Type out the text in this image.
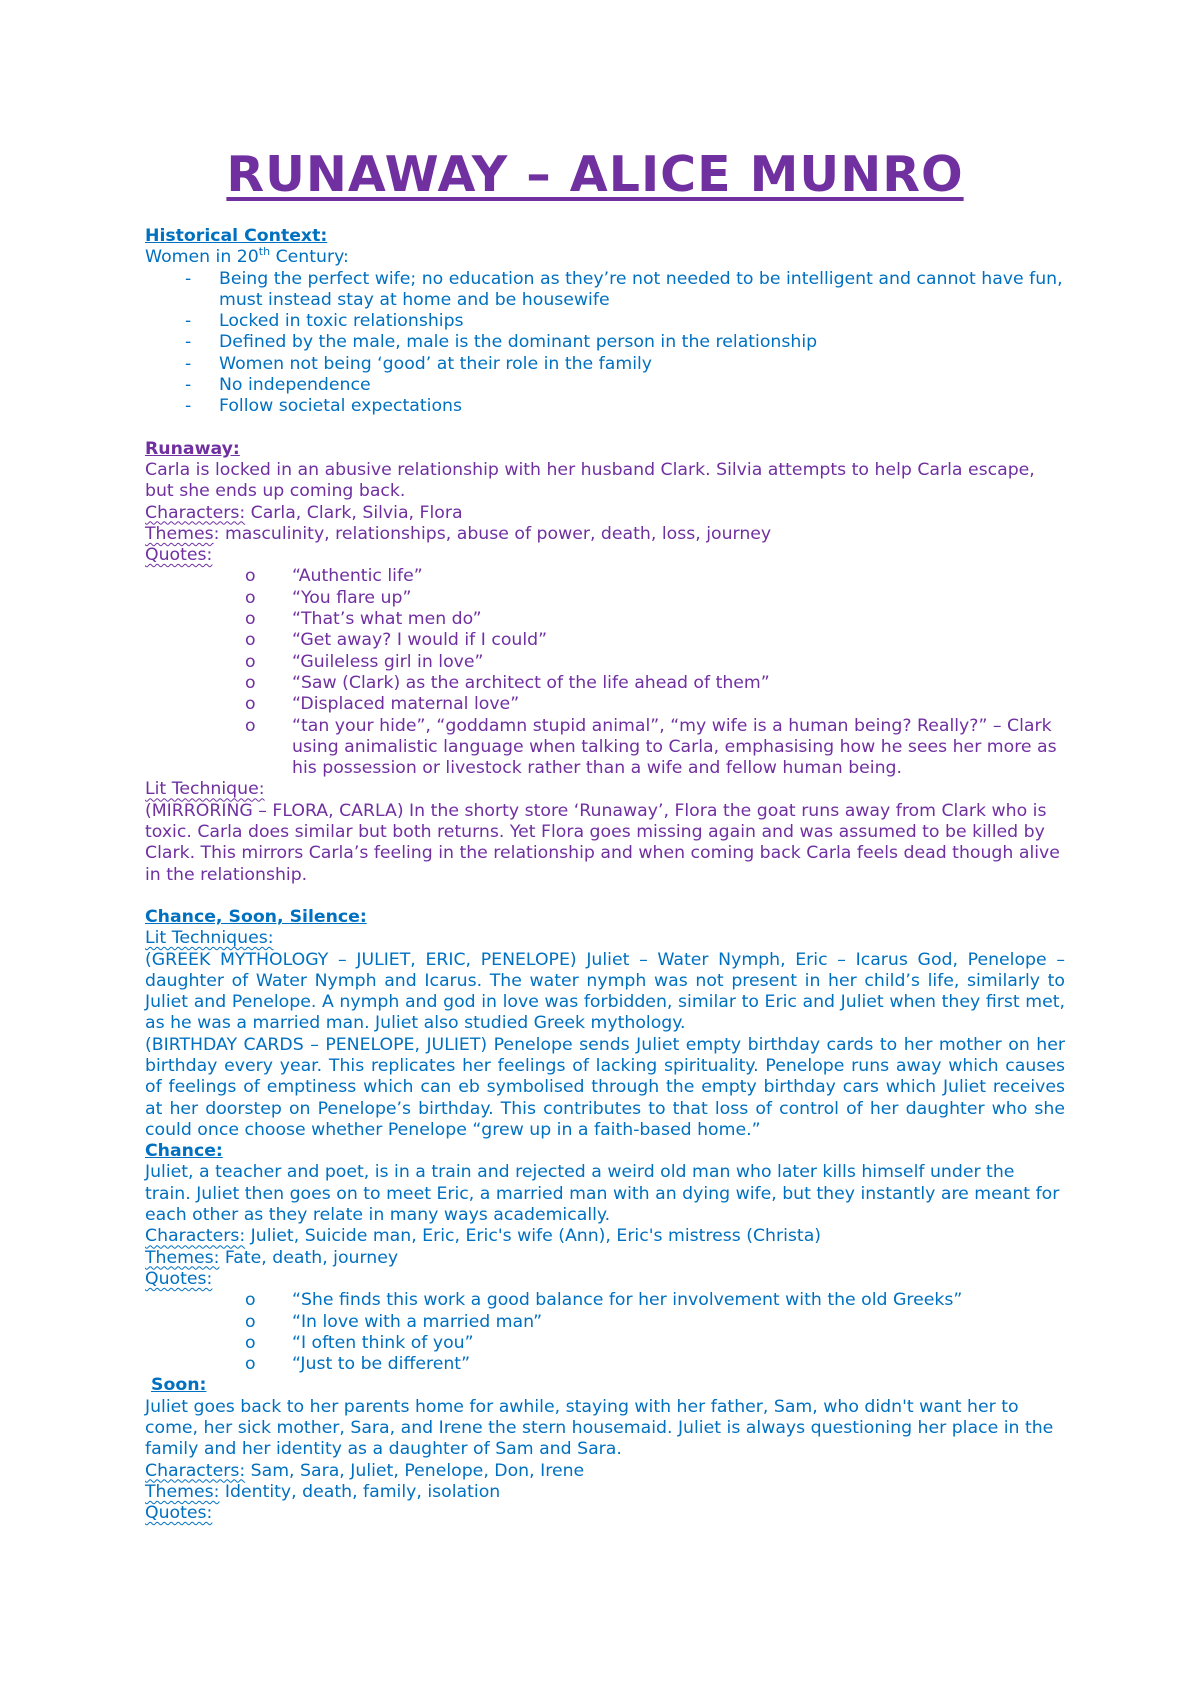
RUNAWAY – ALICE MUNRO

Historical Context:

Women in 20th Century:

- Being the perfect wife; no education as they’re not needed to be intelligent and cannot have fun, must instead stay at home and be housewife
- Locked in toxic relationships
- Defined by the male, male is the dominant person in the relationship
- Women not being ‘good’ at their role in the family
- No independence
- Follow societal expectations

Runaway:

Carla is locked in an abusive relationship with her husband Clark. Silvia attempts to help Carla escape, but she ends up coming back.

Characters: Carla, Clark, Silvia, Flora

Themes: masculinity, relationships, abuse of power, death, loss, journey

Quotes:

o “Authentic life”
o “You flare up”
o “That’s what men do”
o “Get away? I would if I could”
o “Guileless girl in love”
o “Saw (Clark) as the architect of the life ahead of them”
o “Displaced maternal love”
o “tan your hide”, “goddamn stupid animal”, “my wife is a human being? Really?” – Clark using animalistic language when talking to Carla, emphasising how he sees her more as his possession or livestock rather than a wife and fellow human being.

Lit Technique:

(MIRRORING – FLORA, CARLA) In the shorty store ‘Runaway’, Flora the goat runs away from Clark who is toxic. Carla does similar but both returns. Yet Flora goes missing again and was assumed to be killed by Clark. This mirrors Carla’s feeling in the relationship and when coming back Carla feels dead though alive in the relationship.

Chance, Soon, Silence:

Lit Techniques:

(GREEK MYTHOLOGY – JULIET, ERIC, PENELOPE) Juliet – Water Nymph, Eric – Icarus God, Penelope – daughter of Water Nymph and Icarus. The water nymph was not present in her child’s life, similarly to Juliet and Penelope. A nymph and god in love was forbidden, similar to Eric and Juliet when they first met, as he was a married man. Juliet also studied Greek mythology.

(BIRTHDAY CARDS – PENELOPE, JULIET) Penelope sends Juliet empty birthday cards to her mother on her birthday every year. This replicates her feelings of lacking spirituality. Penelope runs away which causes of feelings of emptiness which can eb symbolised through the empty birthday cars which Juliet receives at her doorstep on Penelope’s birthday. This contributes to that loss of control of her daughter who she could once choose whether Penelope “grew up in a faith-based home.”

Chance:

Juliet, a teacher and poet, is in a train and rejected a weird old man who later kills himself under the train. Juliet then goes on to meet Eric, a married man with an dying wife, but they instantly are meant for each other as they relate in many ways academically.

Characters: Juliet, Suicide man, Eric, Eric's wife (Ann), Eric's mistress (Christa)

Themes: Fate, death, journey

Quotes:

o “She finds this work a good balance for her involvement with the old Greeks”
o “In love with a married man”
o “I often think of you”
o “Just to be different”

Soon:

Juliet goes back to her parents home for awhile, staying with her father, Sam, who didn't want her to come, her sick mother, Sara, and Irene the stern housemaid. Juliet is always questioning her place in the family and her identity as a daughter of Sam and Sara.

Characters: Sam, Sara, Juliet, Penelope, Don, Irene

Themes: Identity, death, family, isolation

Quotes:
